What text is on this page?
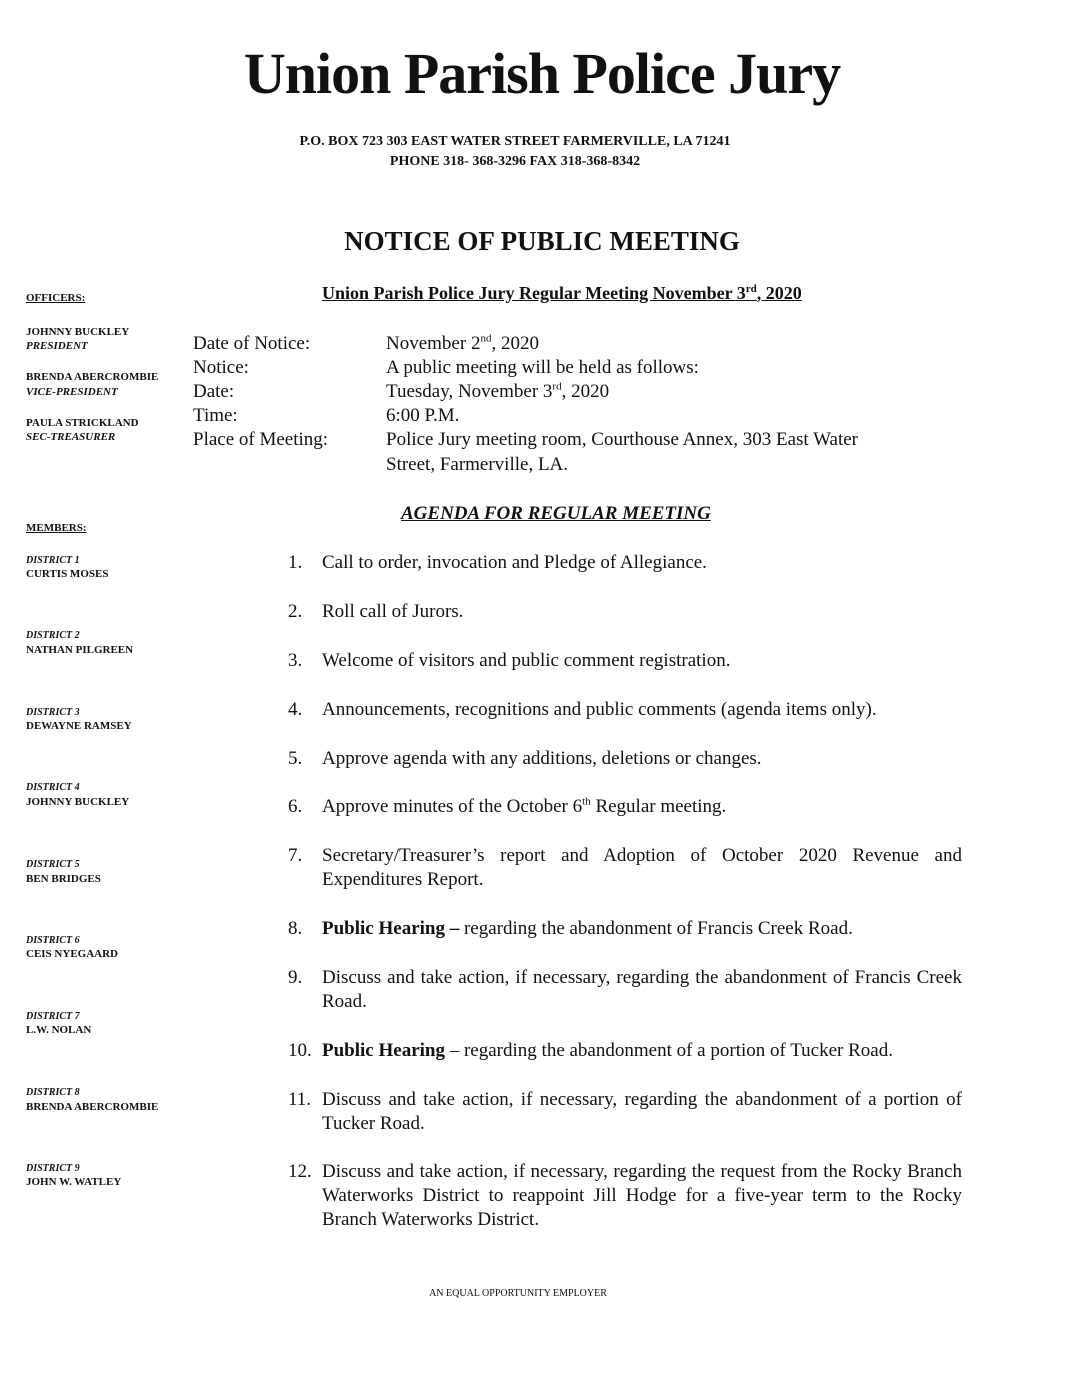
Union Parish Police Jury
P.O. BOX 723 303 EAST WATER STREET FARMERVILLE, LA 71241
PHONE 318- 368-3296 FAX 318-368-8342
NOTICE OF PUBLIC MEETING
OFFICERS:
JOHNNY BUCKLEY
PRESIDENT
BRENDA ABERCROMBIE
VICE-PRESIDENT
PAULA STRICKLAND
SEC-TREASURER
Union Parish Police Jury Regular Meeting November 3rd, 2020
Date of Notice:	November 2nd, 2020
Notice:	A public meeting will be held as follows:
Date:	Tuesday, November 3rd, 2020
Time:	6:00 P.M.
Place of Meeting:	Police Jury meeting room, Courthouse Annex, 303 East Water
Street, Farmerville, LA.
MEMBERS:
DISTRICT 1
CURTIS MOSES
DISTRICT 2
NATHAN PILGREEN
DISTRICT 3
DEWAYNE RAMSEY
DISTRICT 4
JOHNNY BUCKLEY
DISTRICT 5
BEN BRIDGES
DISTRICT 6
CEIS NYEGAARD
DISTRICT 7
L.W. NOLAN
DISTRICT 8
BRENDA ABERCROMBIE
DISTRICT 9
JOHN W. WATLEY
AGENDA FOR REGULAR MEETING
1.	Call to order, invocation and Pledge of Allegiance.
2.	Roll call of Jurors.
3.	Welcome of visitors and public comment registration.
4.	Announcements, recognitions and public comments (agenda items only).
5.	Approve agenda with any additions, deletions or changes.
6.	Approve minutes of the October 6th Regular meeting.
7.	Secretary/Treasurer’s report and Adoption of October 2020 Revenue and Expenditures Report.
8.	Public Hearing – regarding the abandonment of Francis Creek Road.
9.	Discuss and take action, if necessary, regarding the abandonment of Francis Creek Road.
10. Public Hearing – regarding the abandonment of a portion of Tucker Road.
11. Discuss and take action, if necessary, regarding the abandonment of a portion of Tucker Road.
12. Discuss and take action, if necessary, regarding the request from the Rocky Branch Waterworks District to reappoint Jill Hodge for a five-year term to the Rocky Branch Waterworks District.
AN EQUAL OPPORTUNITY EMPLOYER
